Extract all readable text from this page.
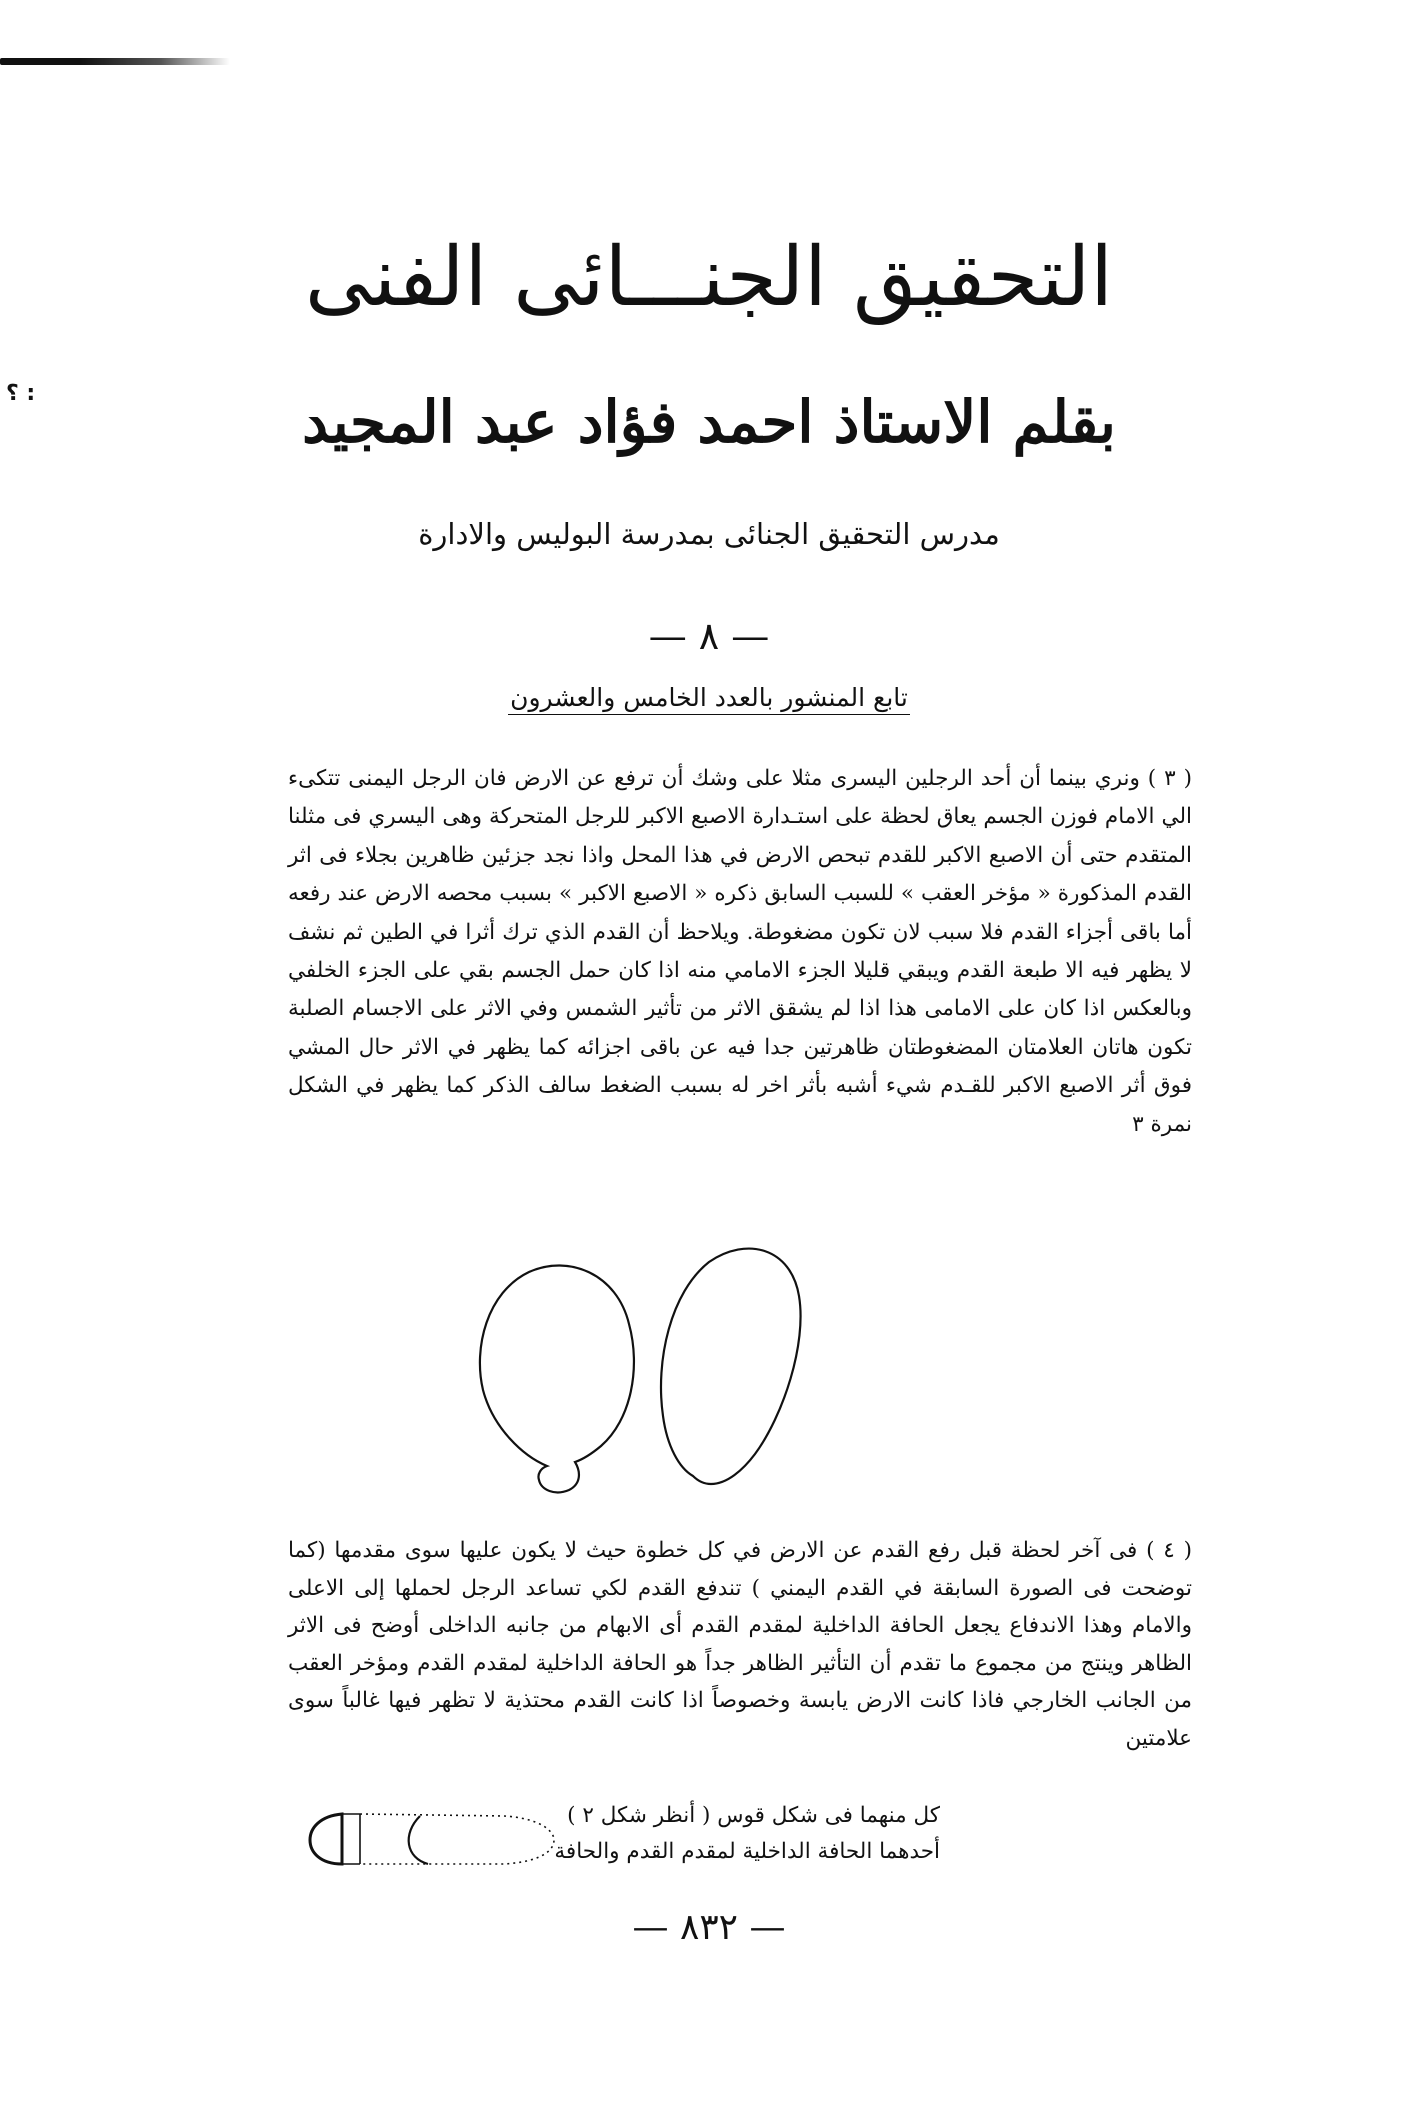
؟ :
التحقيق الجنـــائى الفنى
بقلم الاستاذ احمد فؤاد عبد المجيد
مدرس التحقيق الجنائى بمدرسة البوليس والادارة
— ٨ —
تابع المنشور بالعدد الخامس والعشرون

( ٣ ) ونري بينما أن أحد الرجلين اليسرى مثلا على وشك أن ترفع عن الارض فان الرجل اليمنى تتكىء الي الامام فوزن الجسم يعاق لحظة على استـدارة الاصبع الاكبر للرجل المتحركة وهى اليسري فى مثلنا المتقدم حتى أن الاصبع الاكبر للقدم تبحص الارض في هذا المحل واذا نجد جزئين ظاهرين بجلاء فى اثر القدم المذكورة « مؤخر العقب » للسبب السابق ذكره « الاصبع الاكبر » بسبب محصه الارض عند رفعه أما باقى أجزاء القدم فلا سبب لان تكون مضغوطة. ويلاحظ أن القدم الذي ترك أثرا في الطين ثم نشف لا يظهر فيه الا طبعة القدم ويبقي قليلا الجزء الامامي منه اذا كان حمل الجسم بقي على الجزء الخلفي وبالعكس اذا كان على الامامى هذا اذا لم يشقق الاثر من تأثير الشمس وفي الاثر على الاجسام الصلبة تكون هاتان العلامتان المضغوطتان ظاهرتين جدا فيه عن باقى اجزائه كما يظهر في الاثر حال المشي فوق أثر الاصبع الاكبر للقـدم شيء أشبه بأثر اخر له بسبب الضغط سالف الذكر كما يظهر في الشكل نمرة ٣

( ٤ ) فى آخر لحظة قبل رفع القدم عن الارض في كل خطوة حيث لا يكون عليها سوى مقدمها (كما توضحت فى الصورة السابقة في القدم اليمني ) تندفع القدم لكي تساعد الرجل لحملها إلى الاعلى والامام وهذا الاندفاع يجعل الحافة الداخلية لمقدم القدم أى الابهام من جانبه الداخلى أوضح فى الاثر الظاهر وينتج من مجموع ما تقدم أن التأثير الظاهر جداً هو الحافة الداخلية لمقدم القدم ومؤخر العقب من الجانب الخارجي فاذا كانت الارض يابسة وخصوصاً اذا كانت القدم محتذية لا تظهر فيها غالباً سوى علامتين

كل منهما فى شكل قوس ( أنظر شكل ٢ )
أحدهما الحافة الداخلية لمقدم القدم والحافة
— ٨٣٢ —
